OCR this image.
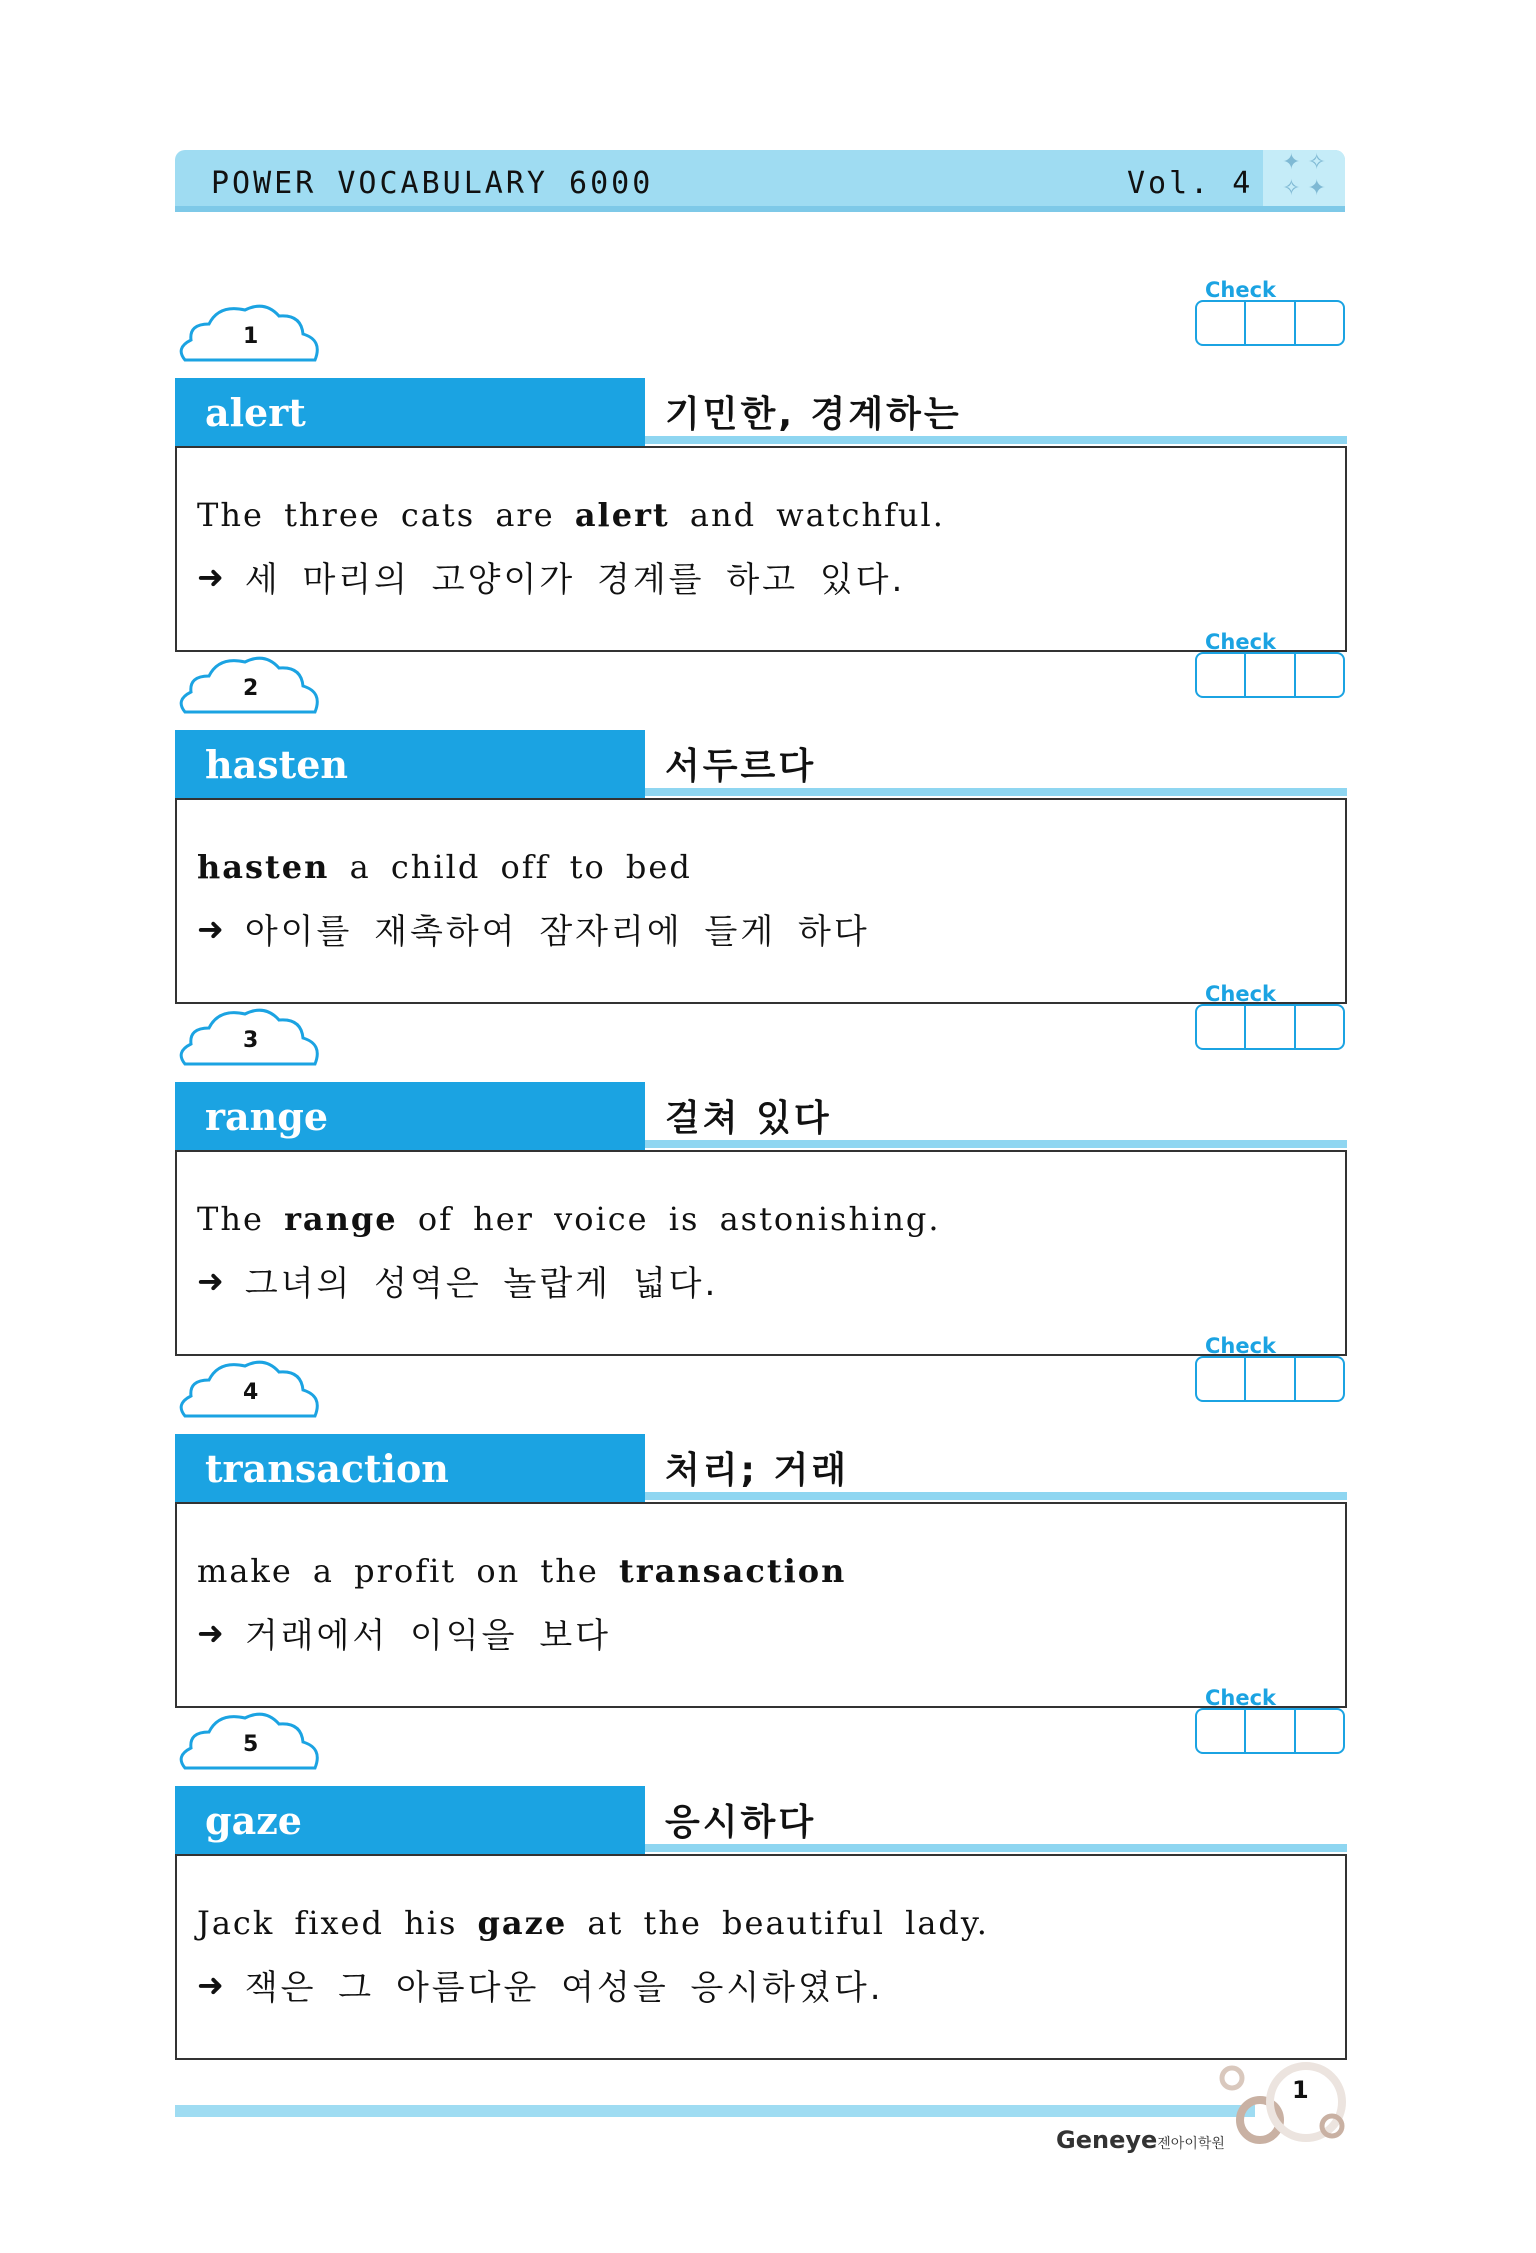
POWER VOCABULARY 6000	Vol. 4
✦ ✧
✧ ✦
1
Check
alert	기민한, 경계하는
The three cats are alert and watchful.
➜ 세 마리의 고양이가 경계를 하고 있다.
2
Check
hasten	서두르다
hasten a child off to bed
➜ 아이를 재촉하여 잠자리에 들게 하다
3
Check
range	걸쳐 있다
The range of her voice is astonishing.
➜ 그녀의 성역은 놀랍게 넓다.
4
Check
transaction	처리; 거래
make a profit on the transaction
➜ 거래에서 이익을 보다
5
Check
gaze	응시하다
Jack fixed his gaze at the beautiful lady.
➜ 잭은 그 아름다운 여성을 응시하였다.
1
Geneye젠아이학원
